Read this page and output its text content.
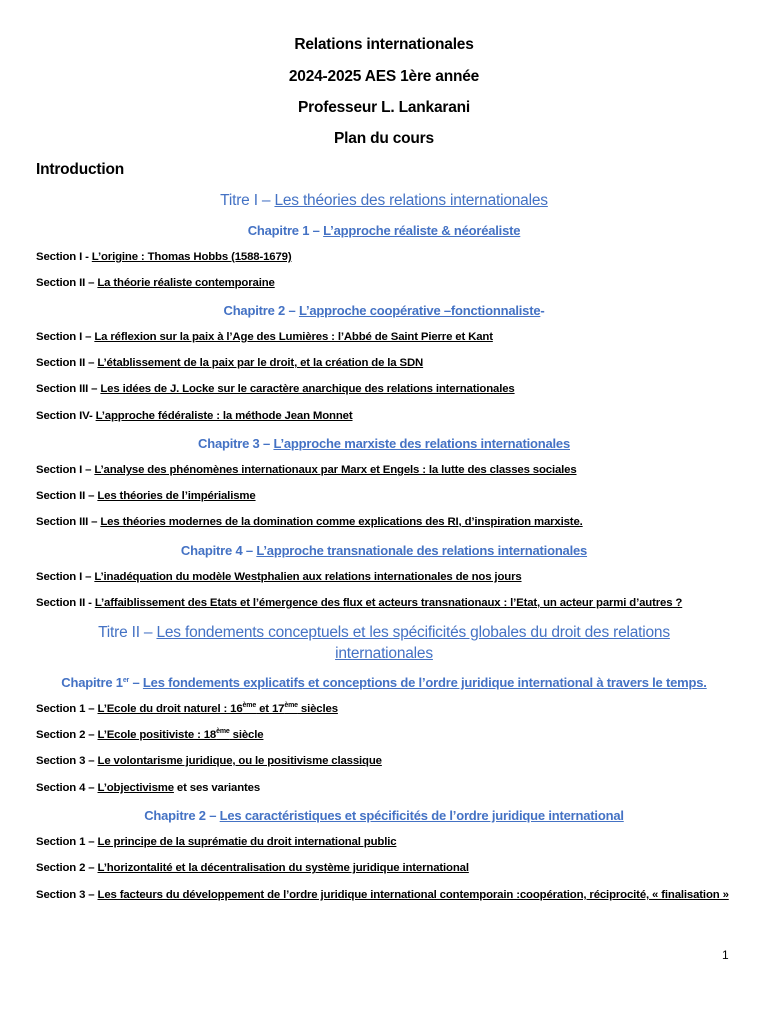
Relations internationales
2024-2025 AES 1ère année
Professeur L. Lankarani
Plan du cours
Introduction
Titre I – Les théories des relations internationales
Chapitre 1 – L’approche réaliste & néoréaliste
Section I - L’origine : Thomas Hobbs (1588-1679)
Section II – La théorie réaliste contemporaine
Chapitre 2 – L’approche coopérative –fonctionnaliste-
Section I – La réflexion sur la paix à l’Age des Lumières : l’Abbé de Saint Pierre et Kant
Section II – L’établissement de la paix par le droit, et la création de la SDN
Section III – Les idées de J. Locke sur le caractère anarchique des relations internationales
Section IV- L’approche fédéraliste : la méthode Jean Monnet
Chapitre 3 – L’approche marxiste des relations internationales
Section I – L’analyse des phénomènes internationaux par Marx et Engels : la lutte des classes sociales
Section II – Les théories de l’impérialisme
Section III – Les théories modernes de la domination comme explications des RI, d’inspiration marxiste.
Chapitre 4 – L’approche transnationale des relations internationales
Section I – L’inadéquation du modèle Westphalien aux relations internationales de nos jours
Section II - L’affaiblissement des Etats et l’émergence des flux et acteurs transnationaux : l’Etat, un acteur parmi d’autres ?
Titre II – Les fondements conceptuels et les spécificités globales du droit des relations
internationales
Chapitre 1er – Les fondements explicatifs et conceptions de l’ordre juridique international à travers le temps.
Section 1 – L’Ecole du droit naturel : 16ème et 17ème siècles
Section 2 – L’Ecole positiviste : 18ème siècle
Section 3 – Le volontarisme juridique, ou le positivisme classique
Section 4 – L’objectivisme et ses variantes
Chapitre 2 – Les caractéristiques et spécificités de l’ordre juridique international
Section 1 – Le principe de la suprématie du droit international public
Section 2 – L’horizontalité et la décentralisation du système juridique international
Section 3 – Les facteurs du développement de l’ordre juridique international contemporain :coopération, réciprocité, « finalisation »
1
